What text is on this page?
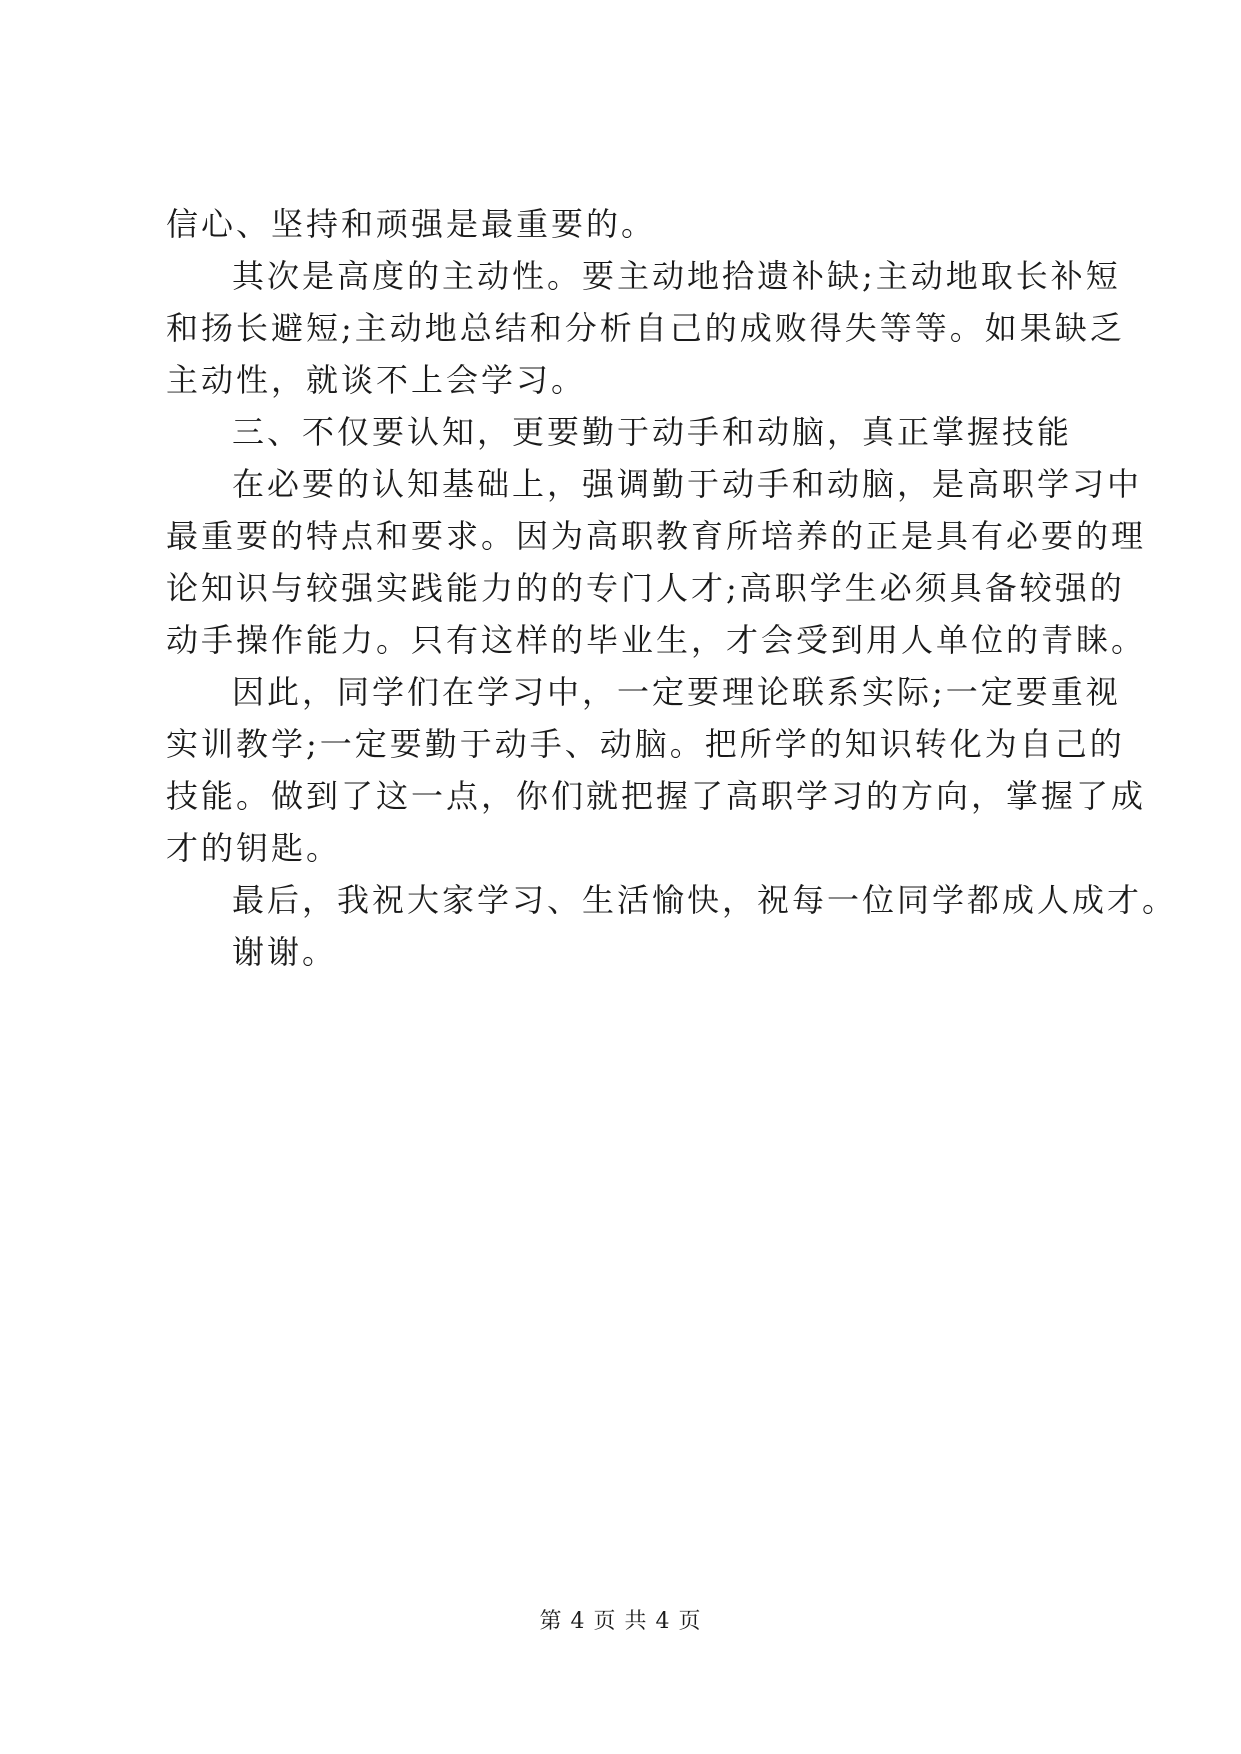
信心、坚持和顽强是最重要的。
其次是高度的主动性。要主动地拾遗补缺;主动地取长补短
和扬长避短;主动地总结和分析自己的成败得失等等。如果缺乏
主动性，就谈不上会学习。
三、不仅要认知，更要勤于动手和动脑，真正掌握技能
在必要的认知基础上，强调勤于动手和动脑，是高职学习中
最重要的特点和要求。因为高职教育所培养的正是具有必要的理
论知识与较强实践能力的的专门人才;高职学生必须具备较强的
动手操作能力。只有这样的毕业生，才会受到用人单位的青睐。
因此，同学们在学习中，一定要理论联系实际;一定要重视
实训教学;一定要勤于动手、动脑。把所学的知识转化为自己的
技能。做到了这一点，你们就把握了高职学习的方向，掌握了成
才的钥匙。
最后，我祝大家学习、生活愉快，祝每一位同学都成人成才。
谢谢。
第 4 页 共 4 页
